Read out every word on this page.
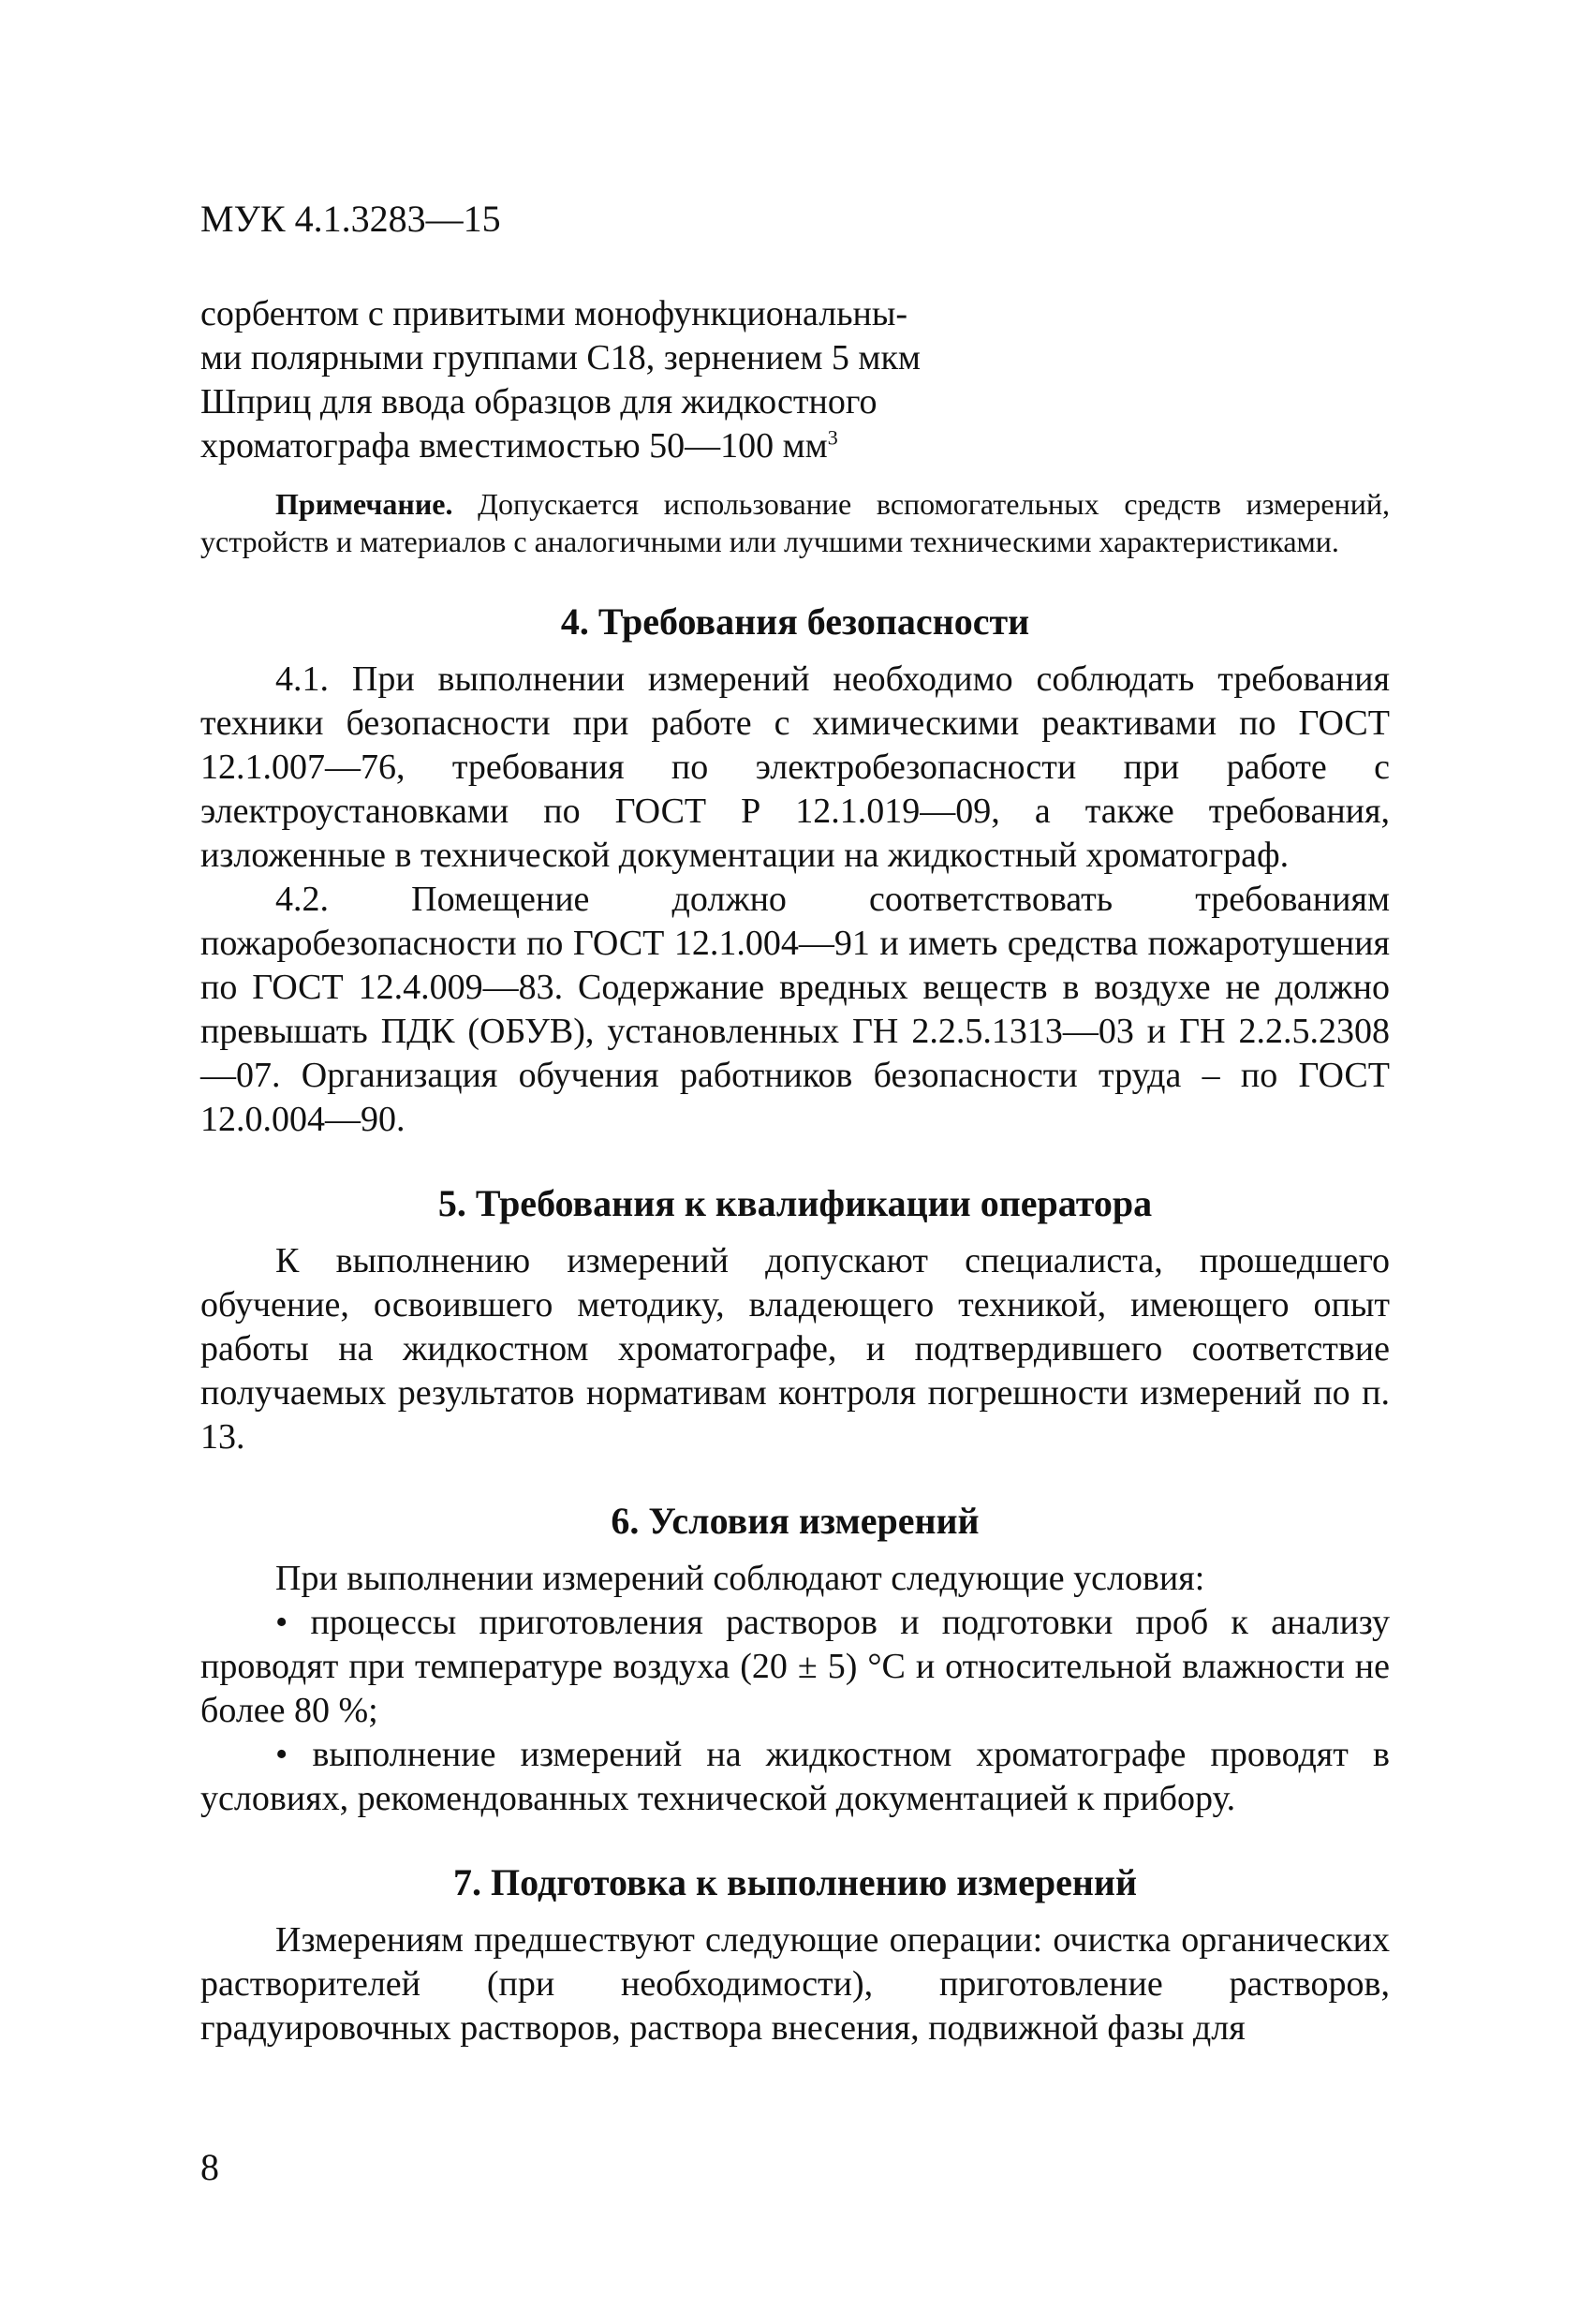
МУК 4.1.3283—15
сорбентом с привитыми монофункциональны-
ми полярными группами С18, зернением 5 мкм
Шприц для ввода образцов для жидкостного
хроматографа вместимостью 50—100 $мм^3$

Примечание. Допускается использование вспомогательных средств измерений, устройств и материалов с аналогичными или лучшими техническими характеристиками.

4. Требования безопасности

4.1. При выполнении измерений необходимо соблюдать требования техники безопасности при работе с химическими реактивами по ГОСТ 12.1.007—76, требования по электробезопасности при работе с электроустановками по ГОСТ Р 12.1.019—09, а также требования, изложенные в технической документации на жидкостный хроматограф.

4.2. Помещение должно соответствовать требованиям пожаробезопасности по ГОСТ 12.1.004—91 и иметь средства пожаротушения по ГОСТ 12.4.009—83. Содержание вредных веществ в воздухе не должно превышать ПДК (ОБУВ), установленных ГН 2.2.5.1313—03 и ГН 2.2.5.2308—07. Организация обучения работников безопасности труда – по ГОСТ 12.0.004—90.

5. Требования к квалификации оператора

К выполнению измерений допускают специалиста, прошедшего обучение, освоившего методику, владеющего техникой, имеющего опыт работы на жидкостном хроматографе, и подтвердившего соответствие получаемых результатов нормативам контроля погрешности измерений по п. 13.

6. Условия измерений

При выполнении измерений соблюдают следующие условия:

• процессы приготовления растворов и подготовки проб к анализу проводят при температуре воздуха (20 ± 5) °С и относительной влажности не более 80 %;

• выполнение измерений на жидкостном хроматографе проводят в условиях, рекомендованных технической документацией к прибору.

7. Подготовка к выполнению измерений

Измерениям предшествуют следующие операции: очистка органических растворителей (при необходимости), приготовление растворов, градуировочных растворов, раствора внесения, подвижной фазы для

8
